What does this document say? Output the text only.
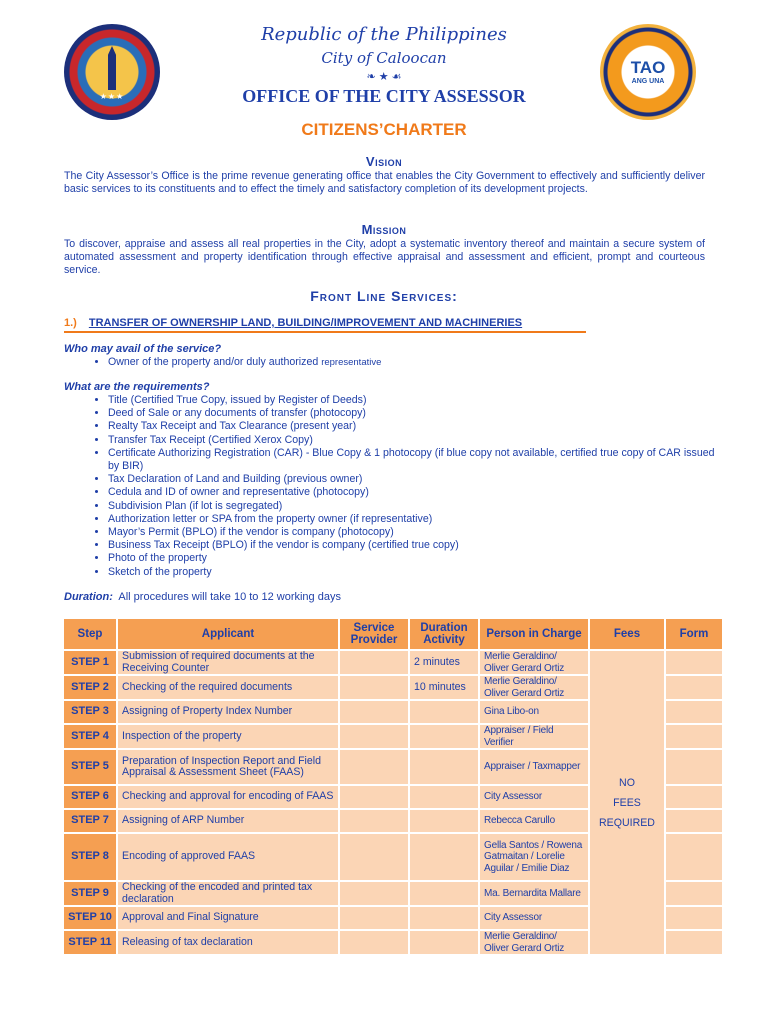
★★★
TAO
ANG UNA
Republic of the Philippines
City of Caloocan
❧ ★ ☙
OFFICE OF THE CITY ASSESSOR
CITIZENS’CHARTER
Vision

The City Assessor’s Office is the prime revenue generating office that enables the City Government to effectively and sufficiently deliver basic services to its constituents and to effect the timely and satisfactory completion of its development projects.

Mission

To discover, appraise and assess all real properties in the City, adopt a systematic inventory thereof and maintain a secure system of automated assessment and property identification through effective appraisal and assessment and efficient, prompt and courteous service.

Front Line Services:
1.) TRANSFER OF OWNERSHIP LAND, BUILDING/IMPROVEMENT AND MACHINERIES
Who may avail of the service?
• Owner of the property and/or duly authorized representative
What are the requirements?
• Title (Certified True Copy, issued by Register of Deeds)
• Deed of Sale or any documents of transfer (photocopy)
• Realty Tax Receipt and Tax Clearance (present year)
• Transfer Tax Receipt (Certified Xerox Copy)
• Certificate Authorizing Registration (CAR) - Blue Copy & 1 photocopy (if blue copy not available, certified true copy of CAR issued by BIR)
• Tax Declaration of Land and Building (previous owner)
• Cedula and ID of owner and representative (photocopy)
• Subdivision Plan (if lot is segregated)
• Authorization letter or SPA from the property owner (if representative)
• Mayor’s Permit (BPLO) if the vendor is company (photocopy)
• Business Tax Receipt (BPLO) if the vendor is company (certified true copy)
• Photo of the property
• Sketch of the property
Duration: All procedures will take 10 to 12 working days
Step	Applicant	Service Provider	Duration Activity	Person in Charge	Fees	Form
STEP 1	Submission of required documents at the Receiving Counter		2 minutes	Merlie Geraldino/ Oliver Gerard Ortiz	NO
FEES
REQUIRED	

STEP 2	Checking of the required documents		10 minutes	Merlie Geraldino/ Oliver Gerard Ortiz		
STEP 3	Assigning of Property Index Number			Gina Libo-on		
STEP 4	Inspection of the property			Appraiser / Field Verifier		
STEP 5	Preparation of Inspection Report and Field Appraisal & Assessment Sheet (FAAS)			Appraiser / Taxmapper		
STEP 6	Checking and approval for encoding of FAAS			City Assessor		
STEP 7	Assigning of ARP Number			Rebecca Carullo		
STEP 8	Encoding of approved FAAS			Gella Santos / Rowena Gatmaitan / Lorelie Aguilar / Emilie Diaz		
STEP 9	Checking of the encoded and printed tax declaration			Ma. Bernardita Mallare		
STEP 10	Approval and Final Signature			City Assessor		
STEP 11	Releasing of tax declaration			Merlie Geraldino/ Oliver Gerard Ortiz		
